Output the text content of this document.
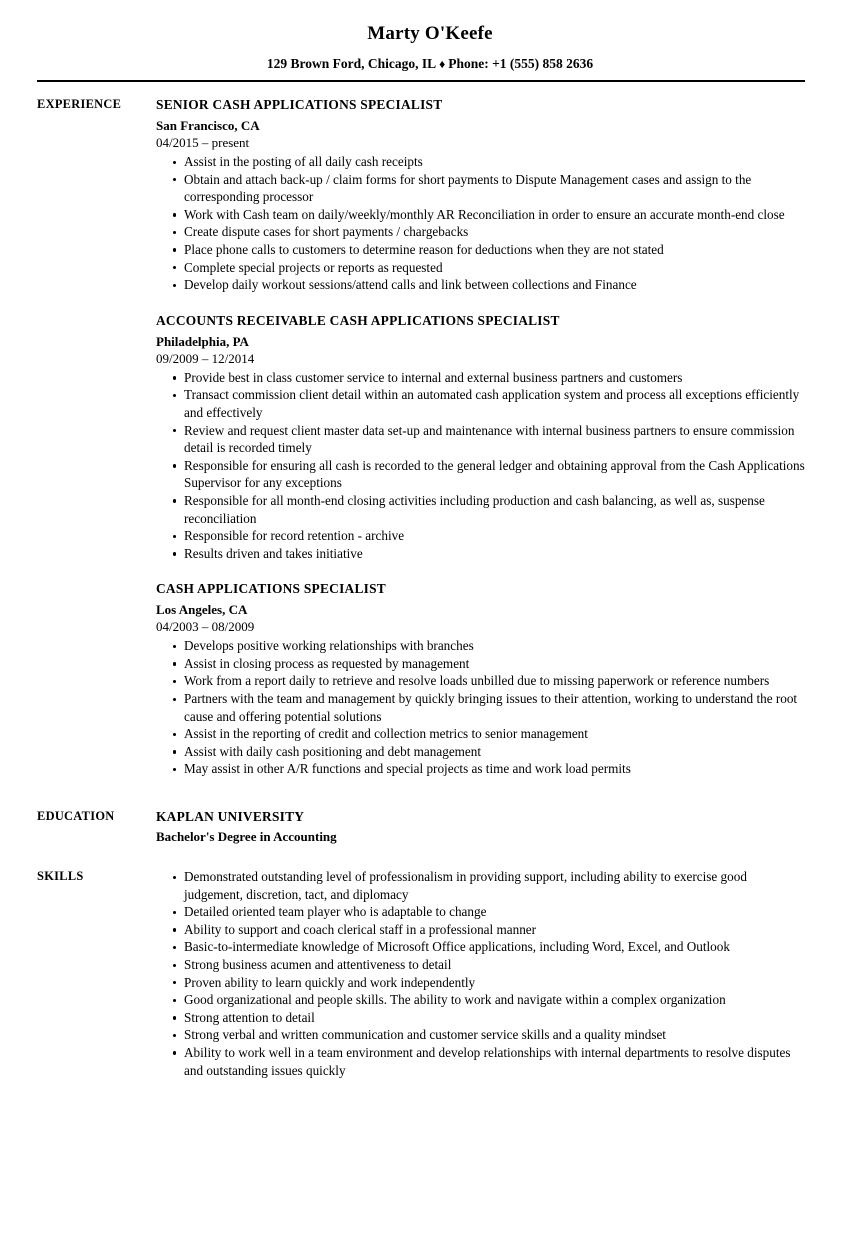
Marty O'Keefe
129 Brown Ford, Chicago, IL ♦ Phone: +1 (555) 858 2636
EXPERIENCE	SENIOR CASH APPLICATIONS SPECIALIST
San Francisco, CA
04/2015 – present
Assist in the posting of all daily cash receipts
Obtain and attach back-up / claim forms for short payments to Dispute Management cases and assign to the corresponding processor
Work with Cash team on daily/weekly/monthly AR Reconciliation in order to ensure an accurate month-end close
Create dispute cases for short payments / chargebacks
Place phone calls to customers to determine reason for deductions when they are not stated
Complete special projects or reports as requested
Develop daily workout sessions/attend calls and link between collections and Finance
ACCOUNTS RECEIVABLE CASH APPLICATIONS SPECIALIST
Philadelphia, PA
09/2009 – 12/2014
Provide best in class customer service to internal and external business partners and customers
Transact commission client detail within an automated cash application system and process all exceptions efficiently and effectively
Review and request client master data set-up and maintenance with internal business partners to ensure commission detail is recorded timely
Responsible for ensuring all cash is recorded to the general ledger and obtaining approval from the Cash Applications Supervisor for any exceptions
Responsible for all month-end closing activities including production and cash balancing, as well as, suspense reconciliation
Responsible for record retention - archive
Results driven and takes initiative
CASH APPLICATIONS SPECIALIST
Los Angeles, CA
04/2003 – 08/2009
Develops positive working relationships with branches
Assist in closing process as requested by management
Work from a report daily to retrieve and resolve loads unbilled due to missing paperwork or reference numbers
Partners with the team and management by quickly bringing issues to their attention, working to understand the root cause and offering potential solutions
Assist in the reporting of credit and collection metrics to senior management
Assist with daily cash positioning and debt management
May assist in other A/R functions and special projects as time and work load permits
EDUCATION	KAPLAN UNIVERSITY
Bachelor's Degree in Accounting
SKILLS	Demonstrated outstanding level of professionalism in providing support, including ability to exercise good judgement, discretion, tact, and diplomacy
Detailed oriented team player who is adaptable to change
Ability to support and coach clerical staff in a professional manner
Basic-to-intermediate knowledge of Microsoft Office applications, including Word, Excel, and Outlook
Strong business acumen and attentiveness to detail
Proven ability to learn quickly and work independently
Good organizational and people skills. The ability to work and navigate within a complex organization
Strong attention to detail
Strong verbal and written communication and customer service skills and a quality mindset
Ability to work well in a team environment and develop relationships with internal departments to resolve disputes and outstanding issues quickly
